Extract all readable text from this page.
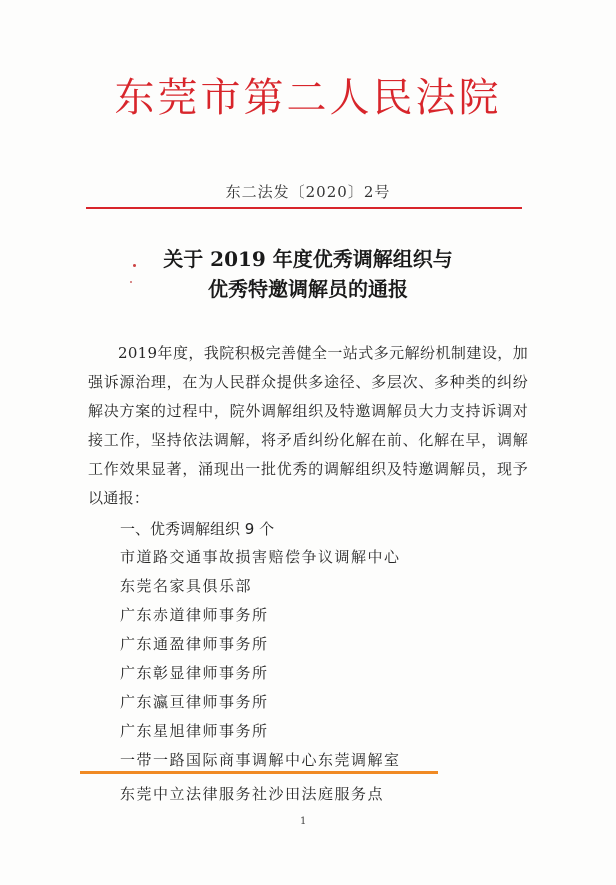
东莞市第二人民法院
东二法发〔2020〕2号
关于 2019 年度优秀调解组织与
优秀特邀调解员的通报
2019年度，我院积极完善健全一站式多元解纷机制建设，加强诉源治理，在为人民群众提供多途径、多层次、多种类的纠纷解决方案的过程中，院外调解组织及特邀调解员大力支持诉调对接工作，坚持依法调解，将矛盾纠纷化解在前、化解在早，调解工作效果显著，涌现出一批优秀的调解组织及特邀调解员，现予以通报：
一、优秀调解组织 9 个
市道路交通事故损害赔偿争议调解中心
东莞名家具俱乐部
广东赤道律师事务所
广东通盈律师事务所
广东彰显律师事务所
广东瀛亘律师事务所
广东星旭律师事务所
一带一路国际商事调解中心东莞调解室
东莞中立法律服务社沙田法庭服务点
1
